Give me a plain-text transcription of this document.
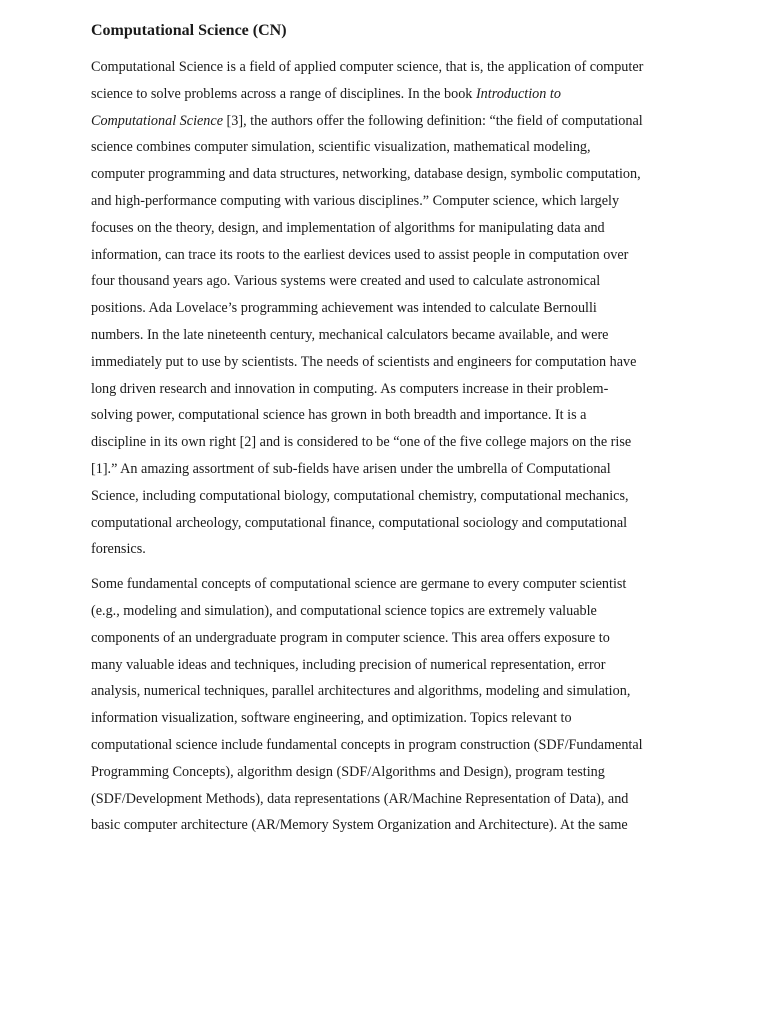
Computational Science (CN)
Computational Science is a field of applied computer science, that is, the application of computer
science to solve problems across a range of disciplines. In the book Introduction to
Computational Science [3], the authors offer the following definition: “the field of computational
science combines computer simulation, scientific visualization, mathematical modeling,
computer programming and data structures, networking, database design, symbolic computation,
and high-performance computing with various disciplines.” Computer science, which largely
focuses on the theory, design, and implementation of algorithms for manipulating data and
information, can trace its roots to the earliest devices used to assist people in computation over
four thousand years ago. Various systems were created and used to calculate astronomical
positions. Ada Lovelace’s programming achievement was intended to calculate Bernoulli
numbers. In the late nineteenth century, mechanical calculators became available, and were
immediately put to use by scientists. The needs of scientists and engineers for computation have
long driven research and innovation in computing. As computers increase in their problem-
solving power, computational science has grown in both breadth and importance. It is a
discipline in its own right [2] and is considered to be “one of the five college majors on the rise
[1].” An amazing assortment of sub-fields have arisen under the umbrella of Computational
Science, including computational biology, computational chemistry, computational mechanics,
computational archeology, computational finance, computational sociology and computational
forensics.
Some fundamental concepts of computational science are germane to every computer scientist
(e.g., modeling and simulation), and computational science topics are extremely valuable
components of an undergraduate program in computer science. This area offers exposure to
many valuable ideas and techniques, including precision of numerical representation, error
analysis, numerical techniques, parallel architectures and algorithms, modeling and simulation,
information visualization, software engineering, and optimization. Topics relevant to
computational science include fundamental concepts in program construction (SDF/Fundamental
Programming Concepts), algorithm design (SDF/Algorithms and Design), program testing
(SDF/Development Methods), data representations (AR/Machine Representation of Data), and
basic computer architecture (AR/Memory System Organization and Architecture). At the same
